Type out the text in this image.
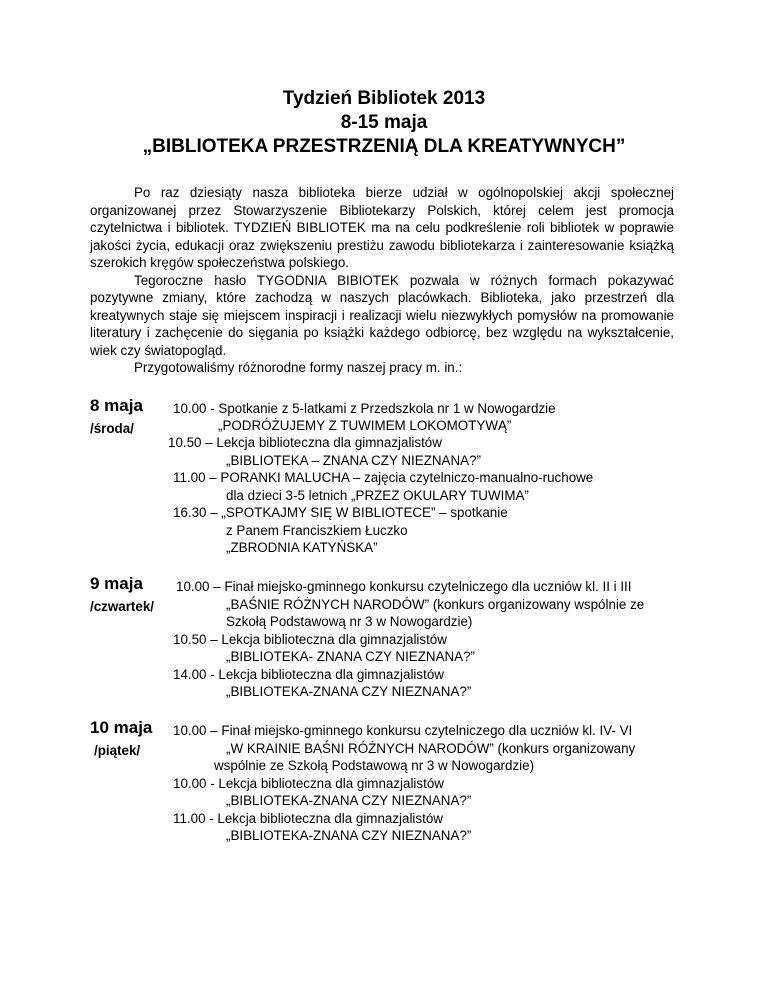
Tydzień Bibliotek 2013
8-15 maja
„BIBLIOTEKA PRZESTRZENIĄ DLA KREATYWNYCH”

Po raz dziesiąty nasza biblioteka bierze udział w ogólnopolskiej akcji społecznej organizowanej przez Stowarzyszenie Bibliotekarzy Polskich, której celem jest promocja czytelnictwa i bibliotek. TYDZIEŃ BIBLIOTEK ma na celu podkreślenie roli bibliotek w poprawie jakości życia, edukacji oraz zwiększeniu prestiżu zawodu bibliotekarza i zainteresowanie książką szerokich kręgów społeczeństwa polskiego.

Tegoroczne hasło TYGODNIA BIBIOTEK pozwala w różnych formach pokazywać pozytywne zmiany, które zachodzą w naszych placówkach. Biblioteka, jako przestrzeń dla kreatywnych staje się miejscem inspiracji i realizacji wielu niezwykłych pomysłów na promowanie literatury i zachęcenie do sięgania po książki każdego odbiorcę, bez względu na wykształcenie, wiek czy światopogląd.

Przygotowaliśmy różnorodne formy naszej pracy m. in.:

8 maja
/środa/
10.00 - Spotkanie z 5-latkami z Przedszkola nr 1 w Nowogardzie
„PODRÓŻUJEMY Z TUWIMEM LOKOMOTYWĄ”
10.50 – Lekcja biblioteczna dla gimnazjalistów
„BIBLIOTEKA – ZNANA CZY NIEZNANA?”
11.00 – PORANKI MALUCHA – zajęcia czytelniczo-manualno-ruchowe
dla dzieci 3-5 letnich „PRZEZ OKULARY TUWIMA”
16.30 – „SPOTKAJMY SIĘ W BIBLIOTECE” – spotkanie
z Panem Franciszkiem Łuczko
„ZBRODNIA KATYŃSKA”
9 maja
/czwartek/
10.00 – Finał miejsko-gminnego konkursu czytelniczego dla uczniów kl. II i III
„BAŚNIE RÓŻNYCH NARODÓW” (konkurs organizowany wspólnie ze
Szkołą Podstawową nr 3 w Nowogardzie)
10.50 – Lekcja biblioteczna dla gimnazjalistów
„BIBLIOTEKA- ZNANA CZY NIEZNANA?”
14.00 - Lekcja biblioteczna dla gimnazjalistów
„BIBLIOTEKA-ZNANA CZY NIEZNANA?”
10 maja
/piątek/
10.00 – Finał miejsko-gminnego konkursu czytelniczego dla uczniów kl. IV- VI
„W KRAINIE BAŚNI RÓŻNYCH NARODÓW” (konkurs organizowany
wspólnie ze Szkołą Podstawową nr 3 w Nowogardzie)
10.00 - Lekcja biblioteczna dla gimnazjalistów
„BIBLIOTEKA-ZNANA CZY NIEZNANA?”
11.00 - Lekcja biblioteczna dla gimnazjalistów
„BIBLIOTEKA-ZNANA CZY NIEZNANA?”
